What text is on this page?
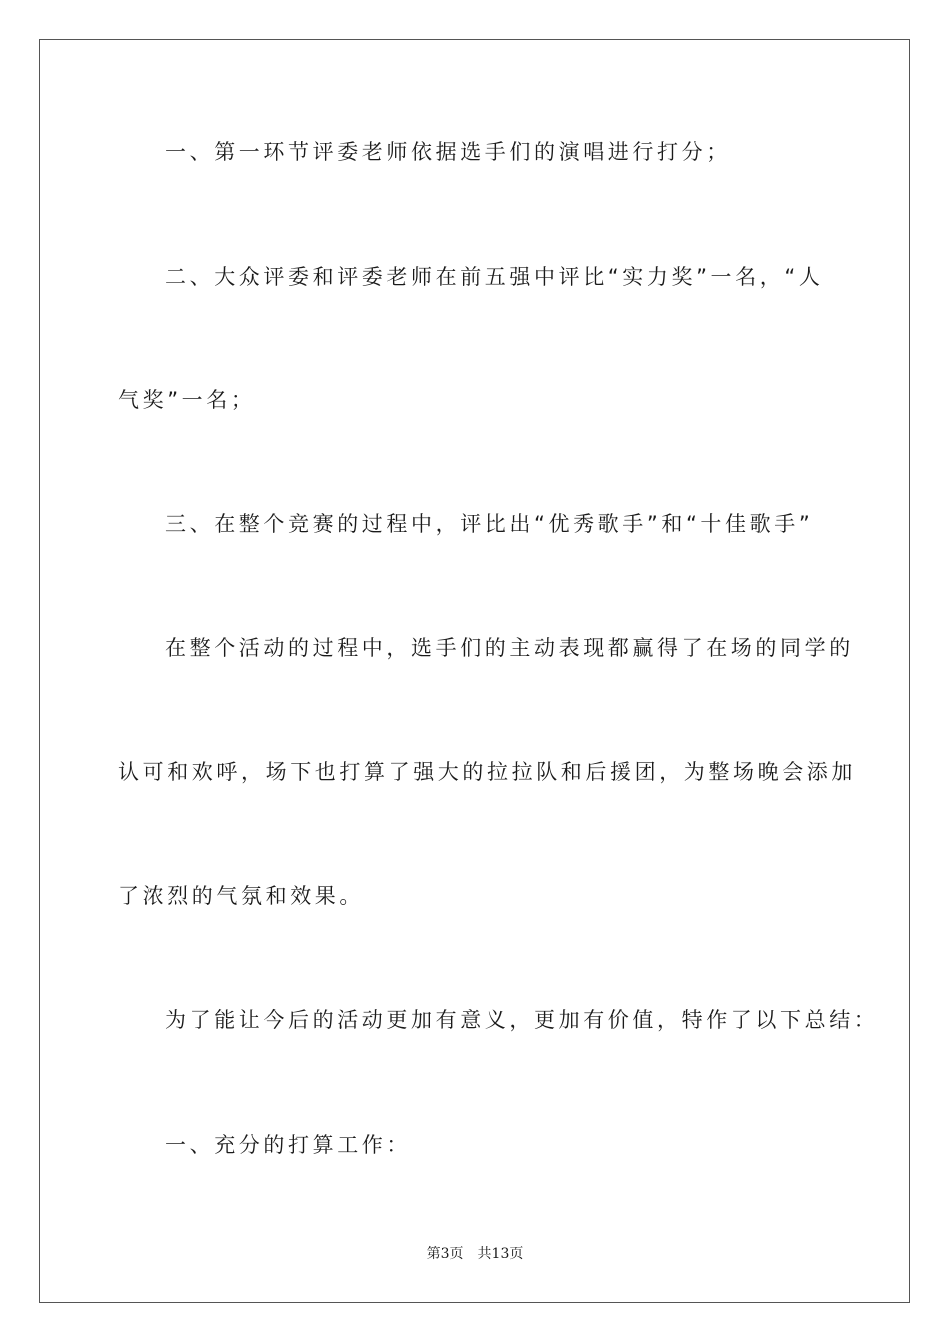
一、第一环节评委老师依据选手们的演唱进行打分；

二、大众评委和评委老师在前五强中评比“实力奖”一名，“人

气奖”一名；

三、在整个竞赛的过程中，评比出“优秀歌手”和“十佳歌手”

在整个活动的过程中，选手们的主动表现都赢得了在场的同学的

认可和欢呼，场下也打算了强大的拉拉队和后援团，为整场晚会添加

了浓烈的气氛和效果。

为了能让今后的活动更加有意义，更加有价值，特作了以下总结：

一、充分的打算工作：

第3页 共13页
